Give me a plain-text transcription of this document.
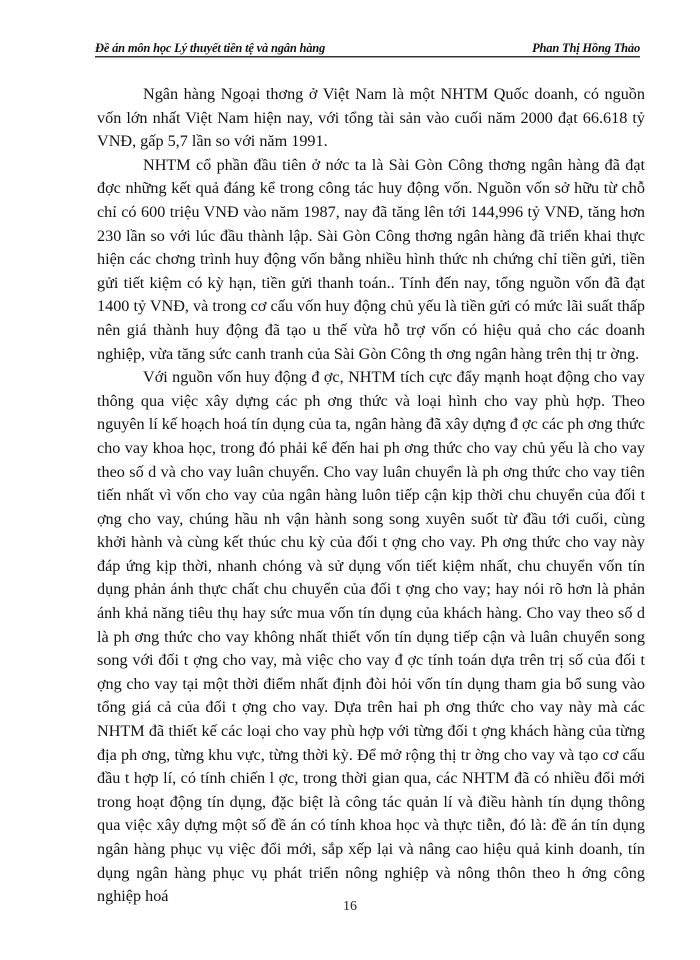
Đề án môn học Lý thuyết tiền tệ và ngân hàng	Phan Thị Hồng Thảo

Ngân hàng Ngoại thơng ở Việt Nam là một NHTM Quốc doanh, có nguồn vốn lớn nhất Việt Nam hiện nay, với tổng tài sản vào cuối năm 2000 đạt 66.618 tỷ VNĐ, gấp 5,7 lần so với năm 1991.

NHTM cổ phần đầu tiên ở nớc ta là Sài Gòn Công thơng ngân hàng đã đạt đợc những kết quả đáng kể trong công tác huy động vốn. Nguồn vốn sở hữu từ chỗ chỉ có 600 triệu VNĐ vào năm 1987, nay đã tăng lên tới 144,996 tỷ VNĐ, tăng hơn 230 lần so với lúc đầu thành lập. Sài Gòn Công thơng ngân hàng đã triển khai thực hiện các chơng trình huy động vốn bằng nhiều hình thức nh chứng chỉ tiền gửi, tiền gửi tiết kiệm có kỳ hạn, tiền gửi thanh toán.. Tính đến nay, tổng nguồn vốn đã đạt 1400 tỷ VNĐ, và trong cơ cấu vốn huy động chủ yếu là tiền gửi có mức lãi suất thấp nên giá thành huy động đã tạo u thế vừa hỗ trợ vốn có hiệu quả cho các doanh nghiệp, vừa tăng sức canh tranh của Sài Gòn Công th ơng ngân hàng trên thị tr ờng.

Với nguồn vốn huy động đ ợc, NHTM tích cực đẩy mạnh hoạt động cho vay thông qua việc xây dựng các ph ơng thức và loại hình cho vay phù hợp. Theo nguyên lí kế hoạch hoá tín dụng của ta, ngân hàng đã xây dựng đ ợc các ph ơng thức cho vay khoa học, trong đó phải kể đến hai ph ơng thức cho vay chủ yếu là cho vay theo số d và cho vay luân chuyển. Cho vay luân chuyển là ph ơng thức cho vay tiên tiến nhất vì vốn cho vay của ngân hàng luôn tiếp cận kịp thời chu chuyển của đối t ợng cho vay, chúng hầu nh vận hành song song xuyên suốt từ đầu tới cuối, cùng khởi hành và cùng kết thúc chu kỳ của đối t ợng cho vay. Ph ơng thức cho vay này đáp ứng kịp thời, nhanh chóng và sử dụng vốn tiết kiệm nhất, chu chuyển vốn tín dụng phản ánh thực chất chu chuyển của đối t ợng cho vay; hay nói rõ hơn là phản ánh khả năng tiêu thụ hay sức mua vốn tín dụng của khách hàng. Cho vay theo số d là ph ơng thức cho vay không nhất thiết vốn tín dụng tiếp cận và luân chuyển song song với đối t ợng cho vay, mà việc cho vay đ ợc tính toán dựa trên trị số của đối t ợng cho vay tại một thời điểm nhất định đòi hỏi vốn tín dụng tham gia bổ sung vào tổng giá cả của đối t ợng cho vay. Dựa trên hai ph ơng thức cho vay này mà các NHTM đã thiết kế các loại cho vay phù hợp với từng đối t ợng khách hàng của từng địa ph ơng, từng khu vực, từng thời kỳ. Để mở rộng thị tr ờng cho vay và tạo cơ cấu đầu t hợp lí, có tính chiến l ợc, trong thời gian qua, các NHTM đã có nhiều đổi mới trong hoạt động tín dụng, đặc biệt là công tác quản lí và điều hành tín dụng thông qua việc xây dựng một số đề án có tính khoa học và thực tiễn, đó là: đề án tín dụng ngân hàng phục vụ việc đổi mới, sắp xếp lại và nâng cao hiệu quả kinh doanh, tín dụng ngân hàng phục vụ phát triển nông nghiệp và nông thôn theo h ớng công nghiệp hoá

16
